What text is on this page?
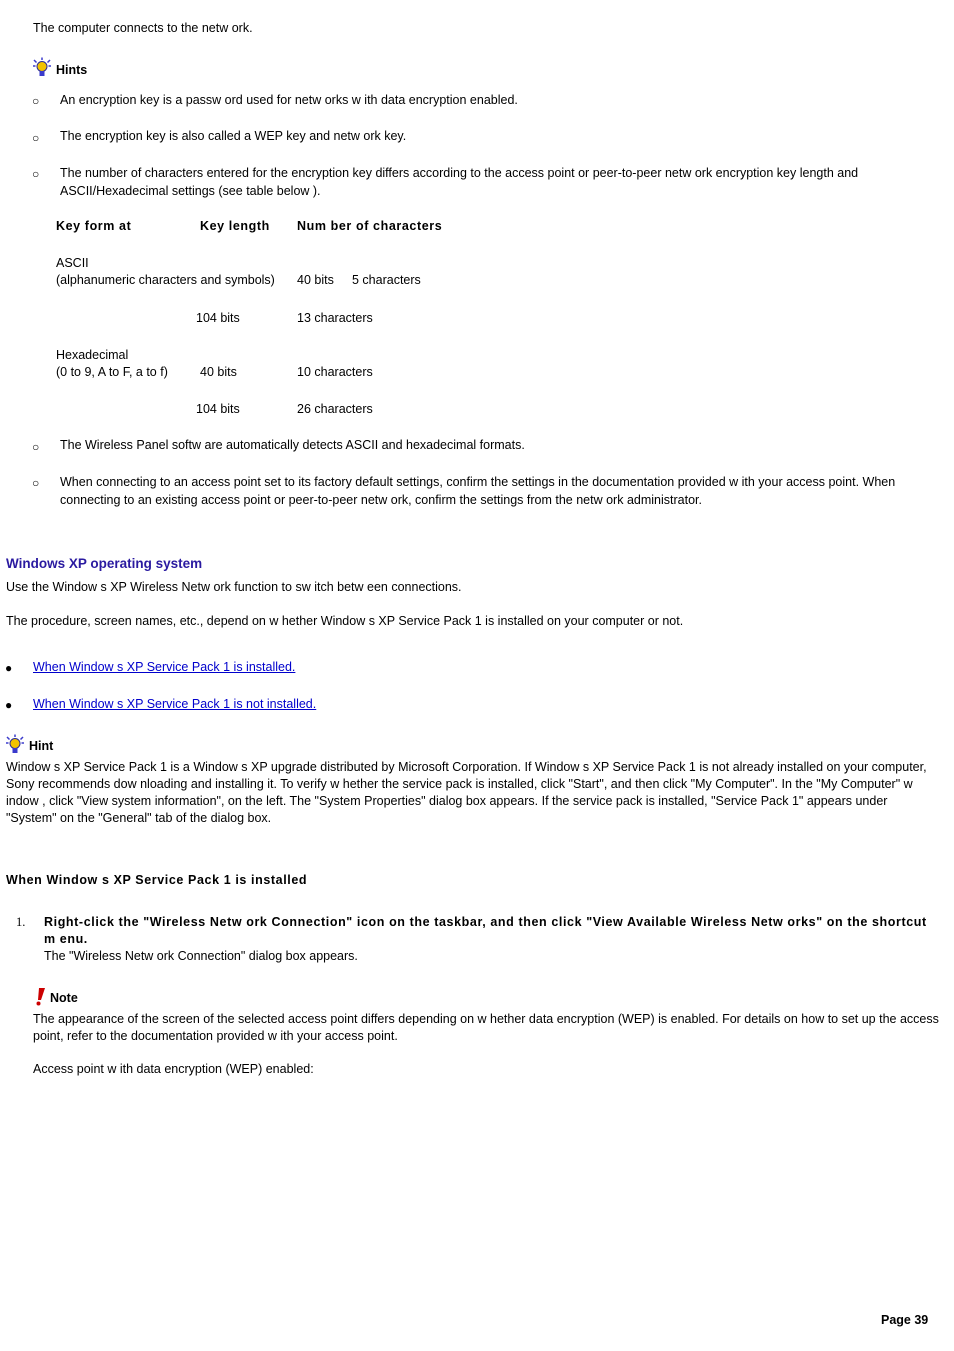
The computer connects to the netw ork.
Hints
○ An encryption key is a passw ord used for netw orks w ith data encryption enabled.
○ The encryption key is also called a WEP key and netw ork key.
○ The number of characters entered for the encryption key differs according to the access point or peer-to-peer netw ork encryption key length and ASCII/Hexadecimal settings (see table below ).
Key form at	Key length Num ber of characters
ASCII
(alphanumeric characters and symbols) 40 bits 5 characters
104 bits	13 characters
Hexadecimal
(0 to 9, A to F, a to f)	40 bits	10 characters
104 bits	26 characters
○ The Wireless Panel softw are automatically detects ASCII and hexadecimal formats.
○ When connecting to an access point set to its factory default settings, confirm the settings in the documentation provided w ith your access point. When connecting to an existing access point or peer-to-peer netw ork, confirm the settings from the netw ork administrator.
Windows XP operating system
Use the Window s XP Wireless Netw ork function to sw itch betw een connections.
The procedure, screen names, etc., depend on w hether Window s XP Service Pack 1 is installed on your computer or not.
● When Window s XP Service Pack 1 is installed.
● When Window s XP Service Pack 1 is not installed.
Hint
Window s XP Service Pack 1 is a Window s XP upgrade distributed by Microsoft Corporation. If Window s XP Service Pack 1 is not already installed on your computer, Sony recommends dow nloading and installing it. To verify w hether the service pack is installed, click "Start", and then click "My Computer". In the "My Computer" w indow , click "View system information", on the left. The "System Properties" dialog box appears. If the service pack is installed, "Service Pack 1" appears under "System" on the "General" tab of the dialog box.
When Window s XP Service Pack 1 is installed
1. Right-click the "Wireless Netw ork Connection" icon on the taskbar, and then click "View Available Wireless Netw orks" on the shortcut m enu.
The "Wireless Netw ork Connection" dialog box appears.
Note
The appearance of the screen of the selected access point differs depending on w hether data encryption (WEP) is enabled. For details on how to set up the access point, refer to the documentation provided w ith your access point.
Access point w ith data encryption (WEP) enabled:
Page 39
